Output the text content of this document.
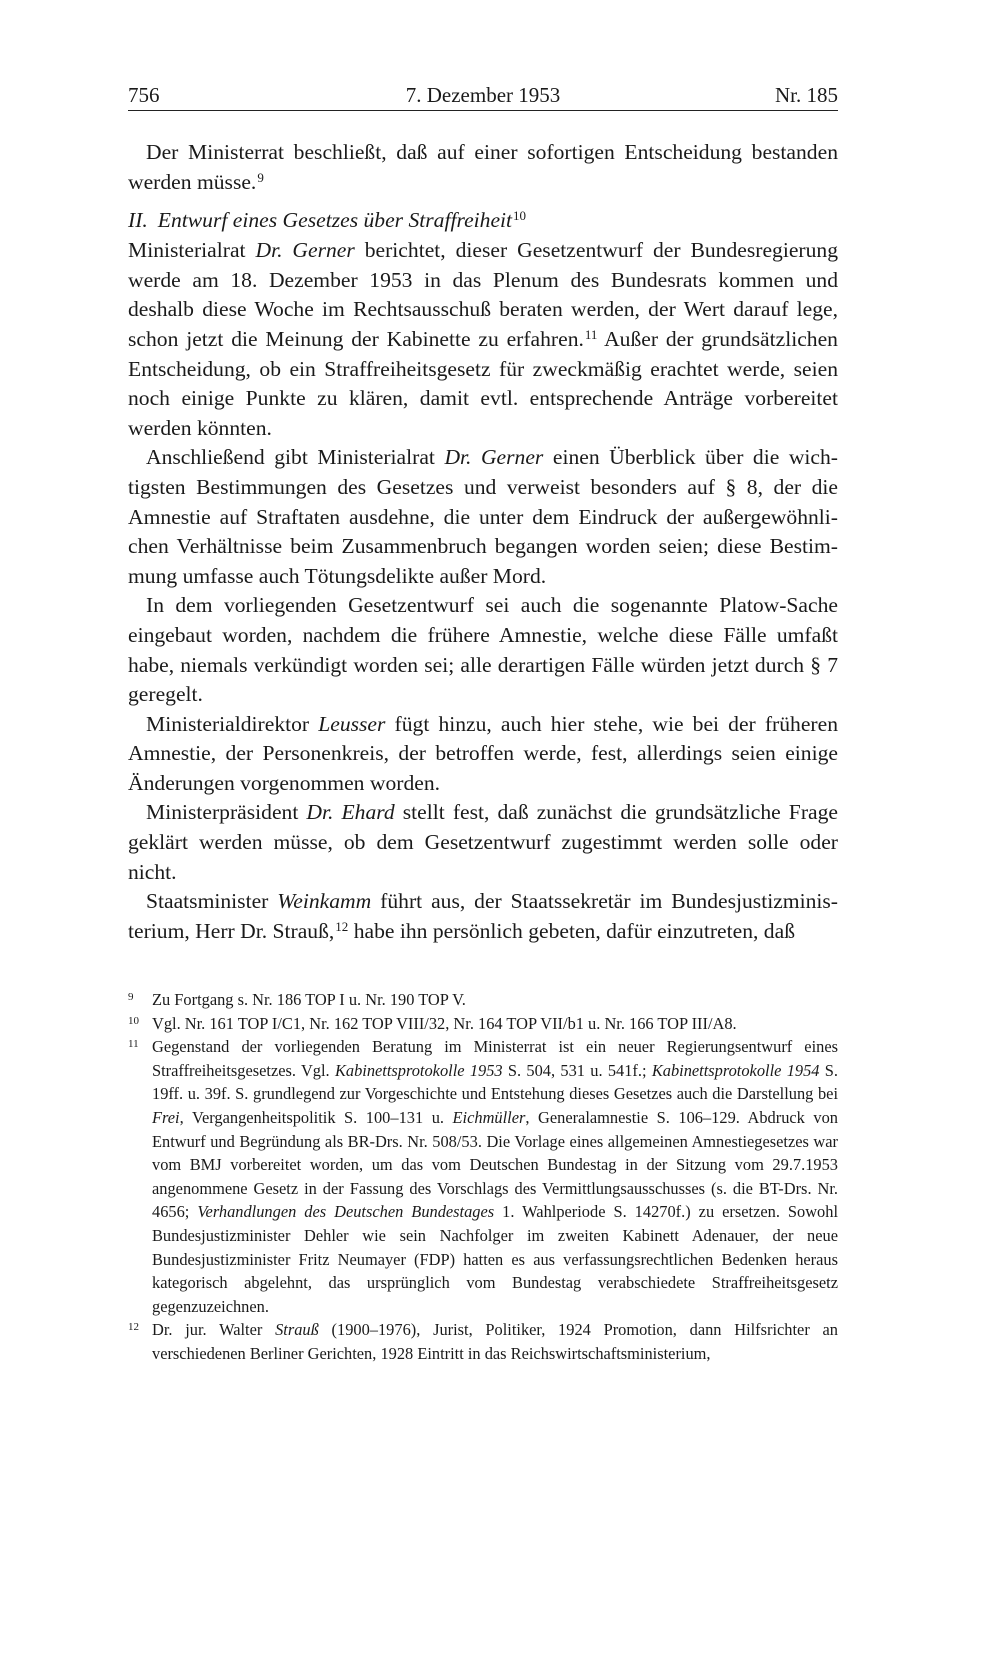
756	7. Dezember 1953	Nr. 185

Der Ministerrat beschließt, daß auf einer sofortigen Entscheidung bestanden werden müsse.$^9$

II. Entwurf eines Gesetzes über Straffreiheit$^{10}$

Ministerialrat Dr. Gerner berichtet, dieser Gesetzentwurf der Bundesregierung werde am 18. Dezember 1953 in das Plenum des Bundesrats kommen und deshalb diese Woche im Rechtsausschuß beraten werden, der Wert darauf lege, schon jetzt die Meinung der Kabinette zu erfahren.$^{11}$ Außer der grundsätzlichen Entscheidung, ob ein Straffreiheitsgesetz für zweckmäßig erachtet werde, seien noch einige Punkte zu klären, damit evtl. entsprechende Anträge vorbereitet werden könnten.

Anschließend gibt Ministerialrat Dr. Gerner einen Überblick über die wichtigsten Bestimmungen des Gesetzes und verweist besonders auf § 8, der die Amnestie auf Straftaten ausdehne, die unter dem Eindruck der außergewöhnlichen Verhältnisse beim Zusammenbruch begangen worden seien; diese Bestimmung umfasse auch Tötungsdelikte außer Mord.

In dem vorliegenden Gesetzentwurf sei auch die sogenannte Platow-Sache eingebaut worden, nachdem die frühere Amnestie, welche diese Fälle umfaßt habe, niemals verkündigt worden sei; alle derartigen Fälle würden jetzt durch § 7 geregelt.

Ministerialdirektor Leusser fügt hinzu, auch hier stehe, wie bei der früheren Amnestie, der Personenkreis, der betroffen werde, fest, allerdings seien einige Änderungen vorgenommen worden.

Ministerpräsident Dr. Ehard stellt fest, daß zunächst die grundsätzliche Frage geklärt werden müsse, ob dem Gesetzentwurf zugestimmt werden solle oder nicht.

Staatsminister Weinkamm führt aus, der Staatssekretär im Bundesjustizministerium, Herr Dr. Strauß,$^{12}$ habe ihn persönlich gebeten, dafür einzutreten, daß

9 Zu Fortgang s. Nr. 186 TOP I u. Nr. 190 TOP V.

10 Vgl. Nr. 161 TOP I/C1, Nr. 162 TOP VIII/32, Nr. 164 TOP VII/b1 u. Nr. 166 TOP III/A8.

11 Gegenstand der vorliegenden Beratung im Ministerrat ist ein neuer Regierungsentwurf eines Straffreiheitsgesetzes. Vgl. Kabinettsprotokolle 1953 S. 504, 531 u. 541f.; Kabinettsprotokolle 1954 S. 19ff. u. 39f. S. grundlegend zur Vorgeschichte und Entstehung dieses Gesetzes auch die Darstellung bei Frei, Vergangenheitspolitik S. 100–131 u. Eichmüller, Generalamnestie S. 106–129. Abdruck von Entwurf und Begründung als BR-Drs. Nr. 508/53. Die Vorlage eines allgemeinen Amnestiegesetzes war vom BMJ vorbereitet worden, um das vom Deutschen Bundestag in der Sitzung vom 29.7.1953 angenommene Gesetz in der Fassung des Vorschlags des Vermittlungsausschusses (s. die BT-Drs. Nr. 4656; Verhandlungen des Deutschen Bundestages 1. Wahlperiode S. 14270f.) zu ersetzen. Sowohl Bundesjustizminister Dehler wie sein Nachfolger im zweiten Kabinett Adenauer, der neue Bundesjustizminister Fritz Neumayer (FDP) hatten es aus verfassungsrechtlichen Bedenken heraus kategorisch abgelehnt, das ursprünglich vom Bundestag verabschiedete Straffreiheitsgesetz gegenzuzeichnen.

12 Dr. jur. Walter Strauß (1900–1976), Jurist, Politiker, 1924 Promotion, dann Hilfsrichter an verschiedenen Berliner Gerichten, 1928 Eintritt in das Reichswirtschaftsministerium,
